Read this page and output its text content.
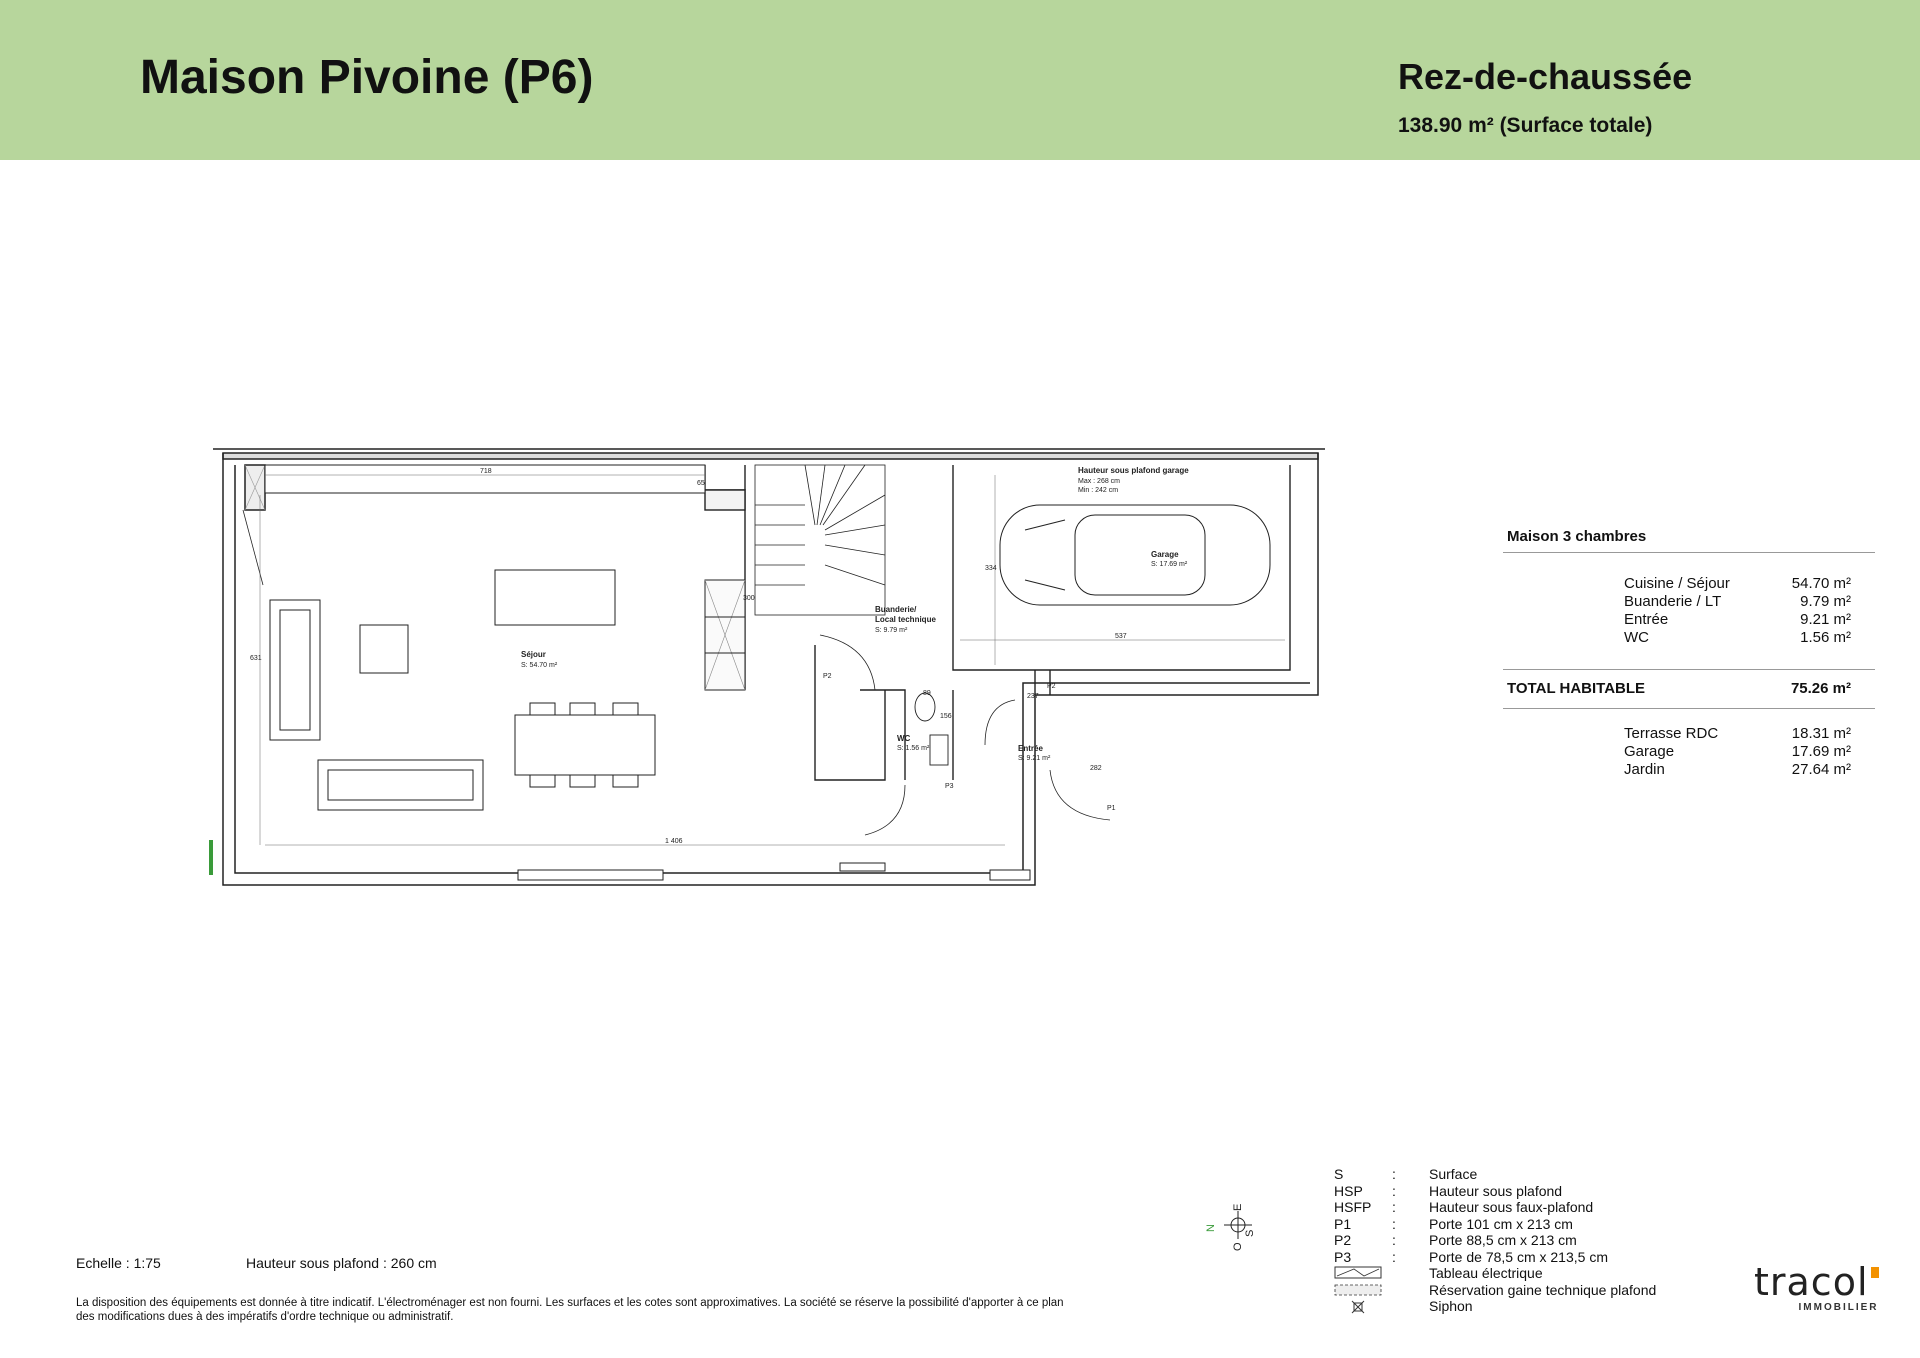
Maison Pivoine (P6)	Rez-de-chaussée
138.90 m² (Surface totale)
718
1 406
631
537
334
300
237
282
89
156
65
Séjour
S: 54.70 m²
Buanderie/
Local technique
S: 9.79 m²
Garage
S: 17.69 m²
Hauteur sous plafond garage
Max : 268 cm
Min : 242 cm
WC
S: 1.56 m²	Entrée
S: 9.21 m²
P2
P2
P3
P1
Maison 3 chambres
Cuisine / Séjour	54.70 m²
Buanderie / LT	9.79 m²
Entrée	9.21 m²
WC	1.56 m²
TOTAL HABITABLE	75.26 m²
Terrasse RDC	18.31 m²
Garage	17.69 m²
Jardin	27.64 m²
N
E
S
O
S	: Surface
HSP : Hauteur sous plafond
HSFP : Hauteur sous faux-plafond
P1	: Porte 101 cm x 213 cm
P2	: Porte 88,5 cm x 213 cm
P3	: Porte de 78,5 cm x 213,5 cm
Tableau électrique
Réservation gaine technique plafond
Siphon
Echelle : 1:75	Hauteur sous plafond : 260 cm
La disposition des équipements est donnée à titre indicatif. L'électroménager est non fourni. Les surfaces et les cotes sont approximatives. La société se réserve la possibilité d'apporter à ce plan des modifications dues à des impératifs d'ordre technique ou administratif.
tracol
IMMOBILIER
